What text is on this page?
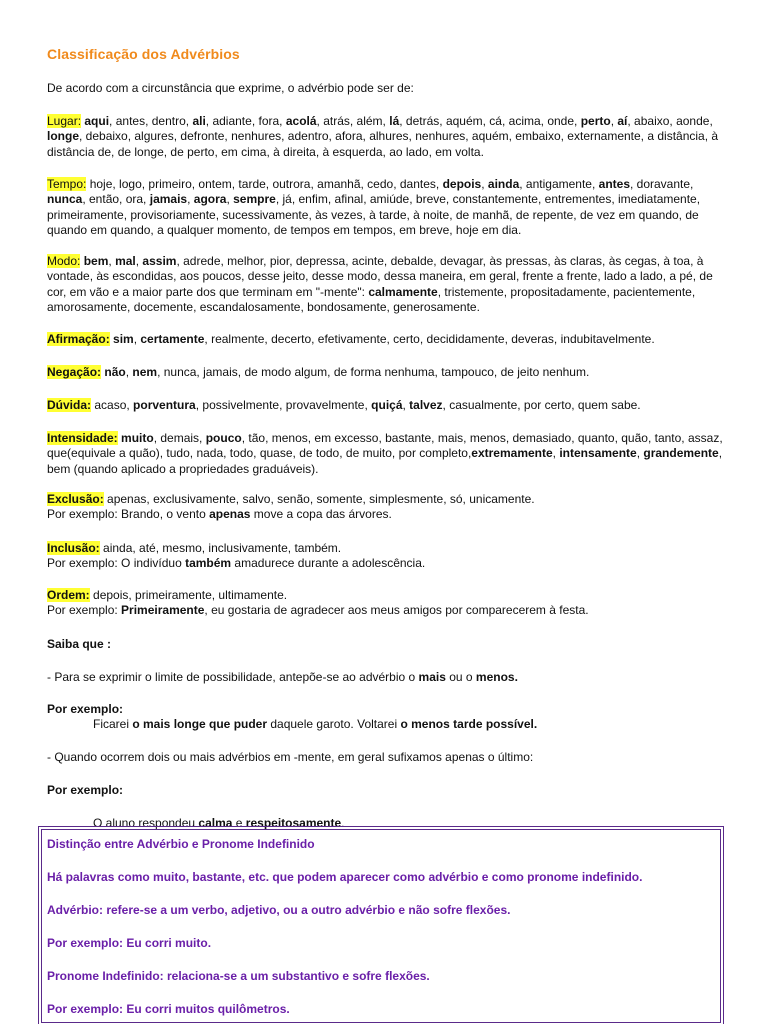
Classificação dos Advérbios
De acordo com a circunstância que exprime, o advérbio pode ser de:
Lugar: aqui, antes, dentro, ali, adiante, fora, acolá, atrás, além, lá, detrás, aquém, cá, acima, onde, perto, aí, abaixo, aonde, longe, debaixo, algures, defronte, nenhures, adentro, afora, alhures, nenhures, aquém, embaixo, externamente, a distância, à distância de, de longe, de perto, em cima, à direita, à esquerda, ao lado, em volta.
Tempo: hoje, logo, primeiro, ontem, tarde, outrora, amanhã, cedo, dantes, depois, ainda, antigamente, antes, doravante, nunca, então, ora, jamais, agora, sempre, já, enfim, afinal, amiúde, breve, constantemente, entrementes, imediatamente, primeiramente, provisoriamente, sucessivamente, às vezes, à tarde, à noite, de manhã, de repente, de vez em quando, de quando em quando, a qualquer momento, de tempos em tempos, em breve, hoje em dia.
Modo: bem, mal, assim, adrede, melhor, pior, depressa, acinte, debalde, devagar, às pressas, às claras, às cegas, à toa, à vontade, às escondidas, aos poucos, desse jeito, desse modo, dessa maneira, em geral, frente a frente, lado a lado, a pé, de cor, em vão e a maior parte dos que terminam em "-mente": calmamente, tristemente, propositadamente, pacientemente, amorosamente, docemente, escandalosamente, bondosamente, generosamente.
Afirmação: sim, certamente, realmente, decerto, efetivamente, certo, decididamente, deveras, indubitavelmente.
Negação: não, nem, nunca, jamais, de modo algum, de forma nenhuma, tampouco, de jeito nenhum.
Dúvida: acaso, porventura, possivelmente, provavelmente, quiçá, talvez, casualmente, por certo, quem sabe.
Intensidade: muito, demais, pouco, tão, menos, em excesso, bastante, mais, menos, demasiado, quanto, quão, tanto, assaz, que(equivale a quão), tudo, nada, todo, quase, de todo, de muito, por completo,extremamente, intensamente, grandemente, bem (quando aplicado a propriedades graduáveis).
Exclusão: apenas, exclusivamente, salvo, senão, somente, simplesmente, só, unicamente.
Por exemplo: Brando, o vento apenas move a copa das árvores.
Inclusão: ainda, até, mesmo, inclusivamente, também.
Por exemplo: O indivíduo também amadurece durante a adolescência.
Ordem: depois, primeiramente, ultimamente.
Por exemplo: Primeiramente, eu gostaria de agradecer aos meus amigos por comparecerem à festa.
Saiba que :
- Para se exprimir o limite de possibilidade, antepõe-se ao advérbio o mais ou o menos.
Por exemplo:
Ficarei o mais longe que puder daquele garoto. Voltarei o menos tarde possível.
- Quando ocorrem dois ou mais advérbios em -mente, em geral sufixamos apenas o último:
Por exemplo:
O aluno respondeu calma e respeitosamente.
Distinção entre Advérbio e Pronome Indefinido
Há palavras como muito, bastante, etc. que podem aparecer como advérbio e como pronome indefinido.
Advérbio: refere-se a um verbo, adjetivo, ou a outro advérbio e não sofre flexões.
Por exemplo: Eu corri muito.
Pronome Indefinido: relaciona-se a um substantivo e sofre flexões.
Por exemplo: Eu corri muitos quilômetros.
